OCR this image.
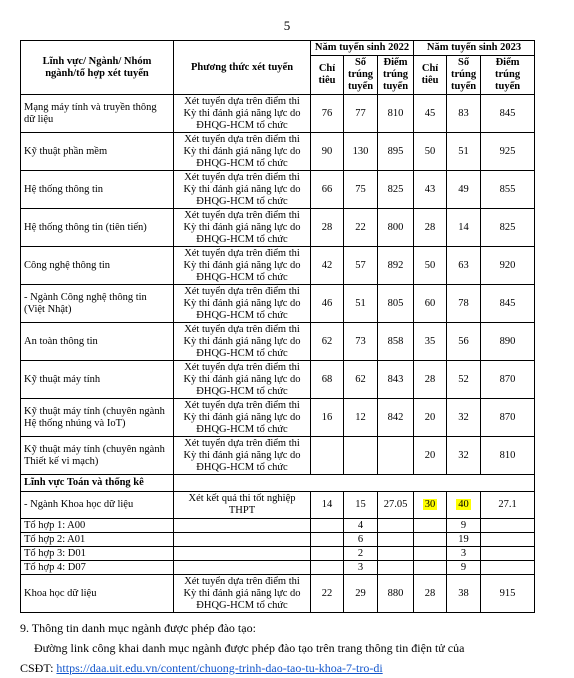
5
Lĩnh vực/ Ngành/ Nhóm ngành/tổ hợp xét tuyển	Phương thức xét tuyển	Năm tuyển sinh 2022			Năm tuyển sinh 2023		
		Chỉ tiêu	Số trúng tuyển	Điểm trúng tuyển	Chỉ tiêu	Số trúng tuyển	Điểm trúng tuyển
Mạng máy tính và truyền thông dữ liệu	Xét tuyển dựa trên điểm thi Kỳ thi đánh giá năng lực do ĐHQG-HCM tổ chức	76	77	810	45	83	845
Kỹ thuật phần mềm	Xét tuyển dựa trên điểm thi Kỳ thi đánh giá năng lực do ĐHQG-HCM tổ chức	90	130	895	50	51	925
Hệ thống thông tin	Xét tuyển dựa trên điểm thi Kỳ thi đánh giá năng lực do ĐHQG-HCM tổ chức	66	75	825	43	49	855
Hệ thống thông tin (tiên tiến)	Xét tuyển dựa trên điểm thi Kỳ thi đánh giá năng lực do ĐHQG-HCM tổ chức	28	22	800	28	14	825
Công nghệ thông tin	Xét tuyển dựa trên điểm thi Kỳ thi đánh giá năng lực do ĐHQG-HCM tổ chức	42	57	892	50	63	920
- Ngành Công nghệ thông tin (Việt Nhật)	Xét tuyển dựa trên điểm thi Kỳ thi đánh giá năng lực do ĐHQG-HCM tổ chức	46	51	805	60	78	845
An toàn thông tin	Xét tuyển dựa trên điểm thi Kỳ thi đánh giá năng lực do ĐHQG-HCM tổ chức	62	73	858	35	56	890
Kỹ thuật máy tính	Xét tuyển dựa trên điểm thi Kỳ thi đánh giá năng lực do ĐHQG-HCM tổ chức	68	62	843	28	52	870
Kỹ thuật máy tính (chuyên ngành Hệ thống nhúng và IoT)	Xét tuyển dựa trên điểm thi Kỳ thi đánh giá năng lực do ĐHQG-HCM tổ chức	16	12	842	20	32	870
Kỹ thuật máy tính (chuyên ngành Thiết kế vi mạch)	Xét tuyển dựa trên điểm thi Kỳ thi đánh giá năng lực do ĐHQG-HCM tổ chức				20	32	810
Lĩnh vực Toán và thống kê							
- Ngành Khoa học dữ liệu	Xét kết quả thi tốt nghiệp THPT	14	15	27.05	30	40	27.1
Tổ hợp 1: A00			4			9	
Tổ hợp 2: A01			6			19	
Tổ hợp 3: D01			2			3	
Tổ hợp 4: D07			3			9	
Khoa học dữ liệu	Xét tuyển dựa trên điểm thi Kỳ thi đánh giá năng lực do ĐHQG-HCM tổ chức	22	29	880	28	38	915
9. Thông tin danh mục ngành được phép đào tạo:
Đường link công khai danh mục ngành được phép đào tạo trên trang thông tin điện tử của
CSĐT: https://daa.uit.edu.vn/content/chuong-trinh-dao-tao-tu-khoa-7-tro-di
